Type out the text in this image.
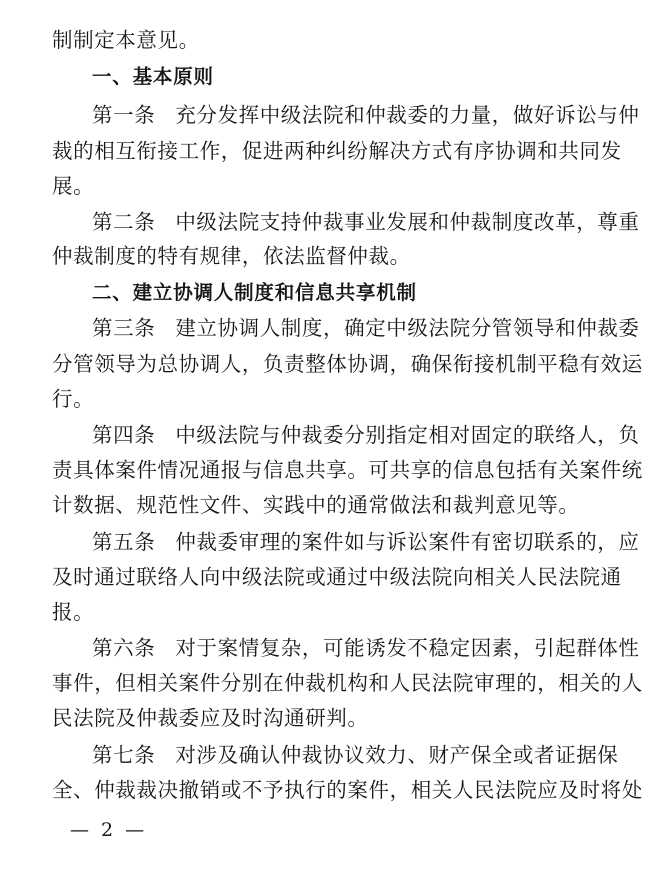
制制定本意见。
一、基本原则
第一条 充分发挥中级法院和仲裁委的力量，做好诉讼与仲
裁的相互衔接工作，促进两种纠纷解决方式有序协调和共同发
展。
第二条 中级法院支持仲裁事业发展和仲裁制度改革，尊重
仲裁制度的特有规律，依法监督仲裁。
二、建立协调人制度和信息共享机制
第三条 建立协调人制度，确定中级法院分管领导和仲裁委
分管领导为总协调人，负责整体协调，确保衔接机制平稳有效运
行。
第四条 中级法院与仲裁委分别指定相对固定的联络人，负
责具体案件情况通报与信息共享。可共享的信息包括有关案件统
计数据、规范性文件、实践中的通常做法和裁判意见等。
第五条 仲裁委审理的案件如与诉讼案件有密切联系的，应
及时通过联络人向中级法院或通过中级法院向相关人民法院通
报。
第六条 对于案情复杂，可能诱发不稳定因素，引起群体性
事件，但相关案件分别在仲裁机构和人民法院审理的，相关的人
民法院及仲裁委应及时沟通研判。
第七条 对涉及确认仲裁协议效力、财产保全或者证据保
全、仲裁裁决撤销或不予执行的案件，相关人民法院应及时将处
— 2 —
